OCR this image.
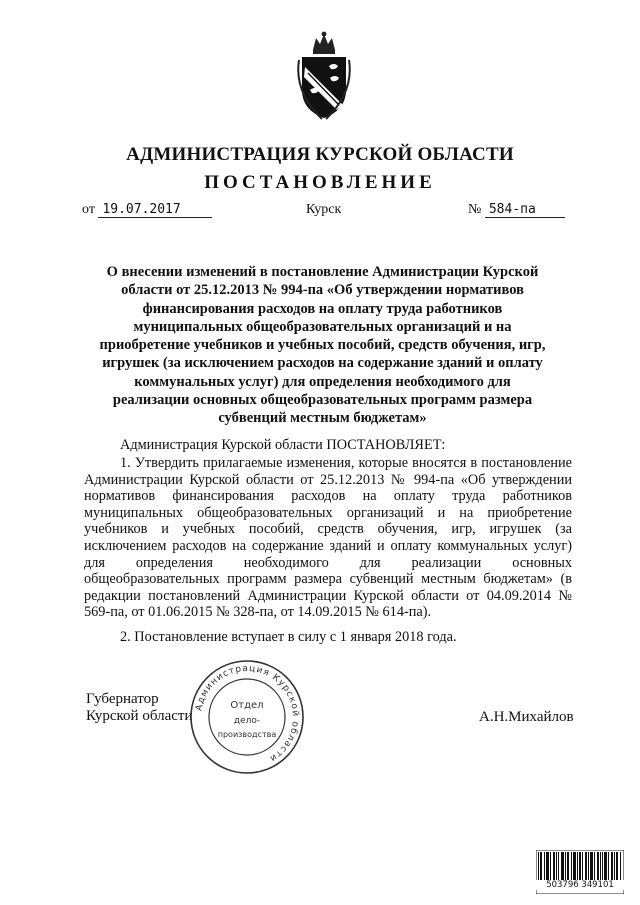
АДМИНИСТРАЦИЯ КУРСКОЙ ОБЛАСТИ
ПОСТАНОВЛЕНИЕ
от 19.07.2017	Курск	№ 584-па
О внесении изменений в постановление Администрации Курской области от 25.12.2013 № 994-па «Об утверждении нормативов финансирования расходов на оплату труда работников муниципальных общеобразовательных организаций и на приобретение учебников и учебных пособий, средств обучения, игр, игрушек (за исключением расходов на содержание зданий и оплату коммунальных услуг) для определения необходимого для реализации основных общеобразовательных программ размера субвенций местным бюджетам»
Администрация Курской области ПОСТАНОВЛЯЕТ:
1. Утвердить прилагаемые изменения, которые вносятся в постановление Администрации Курской области от 25.12.2013 № 994-па «Об утверждении нормативов финансирования расходов на оплату труда работников муниципальных общеобразовательных организаций и на приобретение учебников и учебных пособий, средств обучения, игр, игрушек (за исключением расходов на содержание зданий и оплату коммунальных услуг) для определения необходимого для реализации основных общеобразовательных программ размера субвенций местным бюджетам» (в редакции постановлений Администрации Курской области от 04.09.2014 № 569-па, от 01.06.2015 № 328-па, от 14.09.2015 № 614-па).
2. Постановление вступает в силу с 1 января 2018 года.
Губернатор
Курской области	А.Н.Михайлов
Администрация Курской области
Отдел
дело-
производства
503796 349101
